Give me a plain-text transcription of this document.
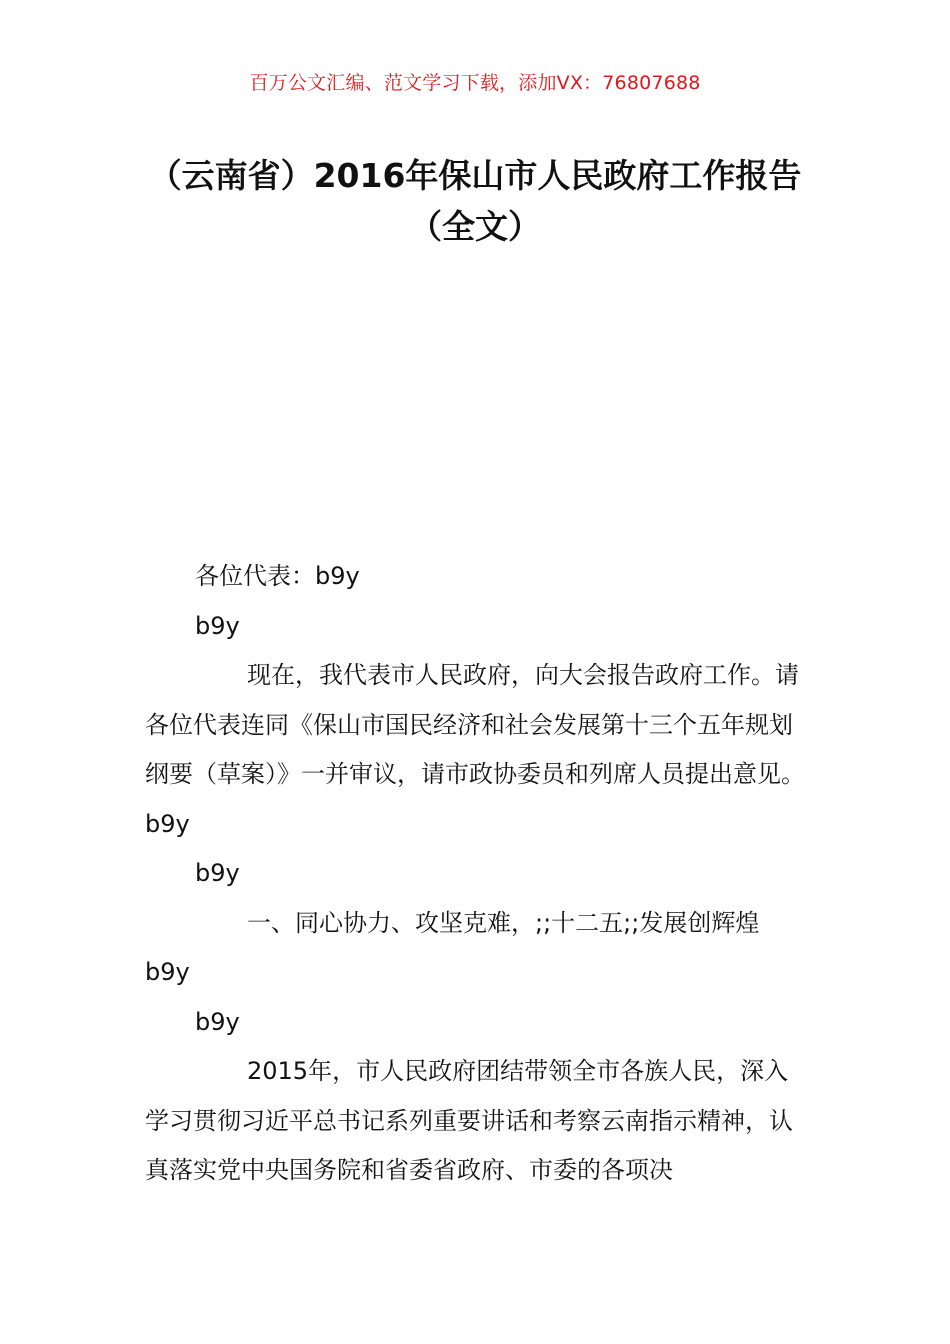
百万公文汇编、范文学习下载，添加VX：76807688
（云南省）2016年保山市人民政府工作报告（全文）

各位代表：b9y

b9y

现在，我代表市人民政府，向大会报告政府工作。请各位代表连同《保山市国民经济和社会发展第十三个五年规划纲要（草案）》一并审议，请市政协委员和列席人员提出意见。b9y

b9y

一、同心协力、攻坚克难，;;十二五;;发展创辉煌 b9y

b9y

2015年，市人民政府团结带领全市各族人民，深入学习贯彻习近平总书记系列重要讲话和考察云南指示精神，认真落实党中央国务院和省委省政府、市委的各项决
